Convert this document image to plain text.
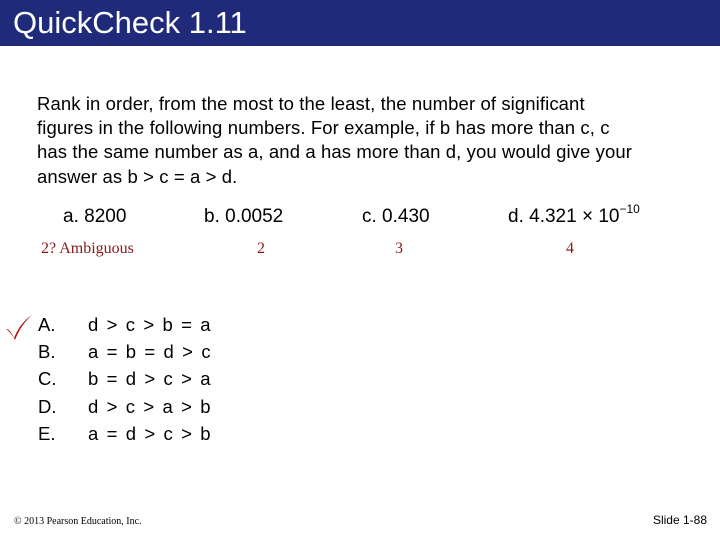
QuickCheck 1.11
Rank in order, from the most to the least, the number of significant figures in the following numbers. For example, if b has more than c, c has the same number as a, and a has more than d, you would give your answer as b > c = a > d.
a. 8200	b. 0.0052	c. 0.430	d. $4.321 \times 10^{-10}$
2? Ambiguous	2	3	4
A.	d > c > b = a
B.	a = b = d > c
C.	b = d > c > a
D.	d > c > a > b
E.	a = d > c > b
© 2013 Pearson Education, Inc.	Slide 1-88
